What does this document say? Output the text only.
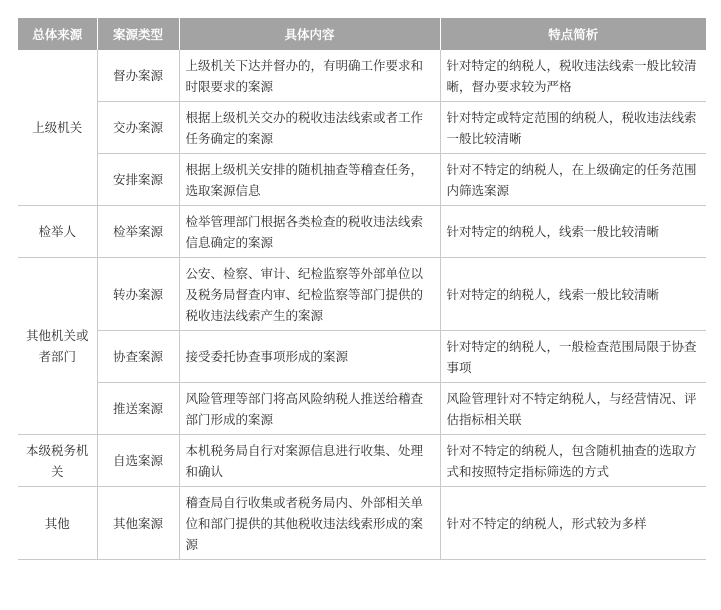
总体来源	案源类型	具体内容	特点简析
上级机关	督办案源	上级机关下达并督办的，有明确工作要求和时限要求的案源	针对特定的纳税人，税收违法线索一般比较清晰，督办要求较为严格
	交办案源	根据上级机关交办的税收违法线索或者工作任务确定的案源	针对特定或特定范围的纳税人，税收违法线索一般比较清晰
	安排案源	根据上级机关安排的随机抽查等稽查任务，选取案源信息	针对不特定的纳税人，在上级确定的任务范围内筛选案源
检举人	检举案源	检举管理部门根据各类检查的税收违法线索信息确定的案源	针对特定的纳税人，线索一般比较清晰
其他机关或者部门	转办案源	公安、检察、审计、纪检监察等外部单位以及税务局督查内审、纪检监察等部门提供的税收违法线索产生的案源	针对特定的纳税人，线索一般比较清晰
	协查案源	接受委托协查事项形成的案源	针对特定的纳税人，一般检查范围局限于协查事项
	推送案源	风险管理等部门将高风险纳税人推送给稽查部门形成的案源	风险管理针对不特定纳税人，与经营情况、评估指标相关联
本级税务机关	自选案源	本机税务局自行对案源信息进行收集、处理和确认	针对不特定的纳税人，包含随机抽查的选取方式和按照特定指标筛选的方式
其他	其他案源	稽查局自行收集或者税务局内、外部相关单位和部门提供的其他税收违法线索形成的案源	针对不特定的纳税人，形式较为多样
